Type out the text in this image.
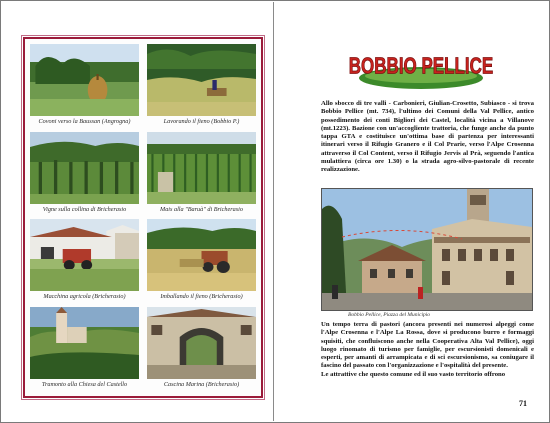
Covoni verso la Baussan (Angrogna)	Lavorando il fieno (Bobbio P.)
Vigne sulla collina di Bricherasio	Mais alla "Baruà" di Bricherasio
Macchina agricola (Bricherasio)	Imballando il fieno (Bricherasio)
Tramonto alla Chiesa del Castello	Cascina Marina (Bricherasio)
BOBBIO PELLICE
Allo sbocco di tre valli - Carbonieri, Giulian-Crosetto, Subiasco - si trova Bobbio Pellice (mt. 734), l'ultimo dei Comuni della Val Pellice, antico possedimento dei conti Bigliori dei Castel, località vicina a Villanove (mt.1223). Bazione con un'accogliente trattoria, che funge anche da punto tappa GTA e costituisce un'ottima base di partenza per interessanti itinerari verso il Rifugio Granero e il Col Prarie, verso l'Alpe Crosenna attraverso il Col Content, verso il Rifugio Jervis al Prà, seguendo l'antica mulattiera (circa ore 1.30) o la strada agro-silvo-pastorale di recente realizzazione.
Bobbio Pellice, Piazza del Municipio
Un tempo terra di pastori (ancora presenti nei numerosi alpeggi come l'Alpe Crosenna e l'Alpe La Rossa, dove si producono burro e formaggi squisiti, che confluiscono anche nella Cooperativa Alta Val Pellice), oggi luogo rinomato di turismo per famiglie, per escursionisti domenicali e esperti, per amanti di arrampicata e di sci escursionismo, sa coniugare il fascino del passato con l'organizzazione e l'ospitalità del presente.
Le attrattive che questo comune ed il suo vasto territorio offrono
71
